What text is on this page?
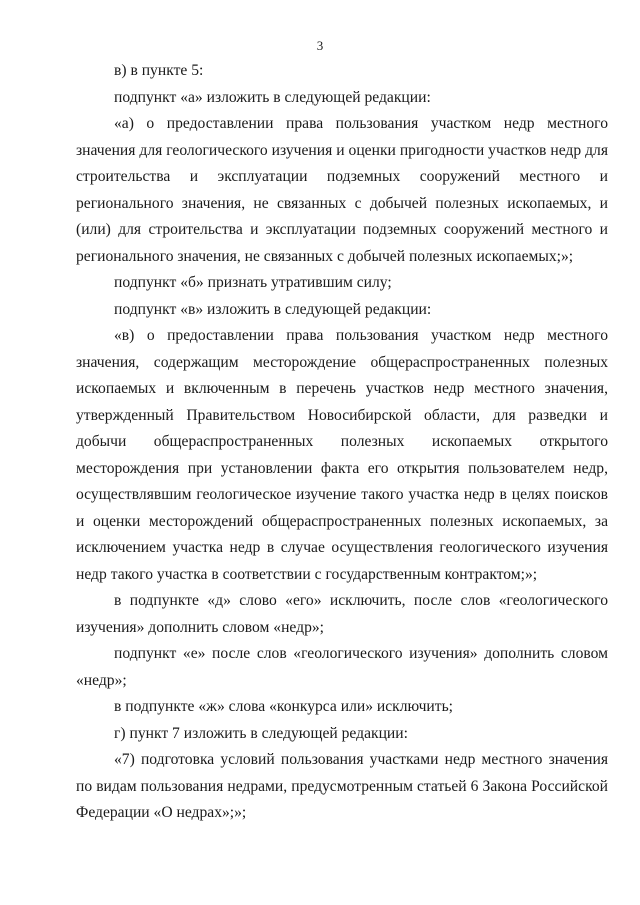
3

в) в пункте 5:

подпункт «а» изложить в следующей редакции:

«а) о предоставлении права пользования участком недр местного значения для геологического изучения и оценки пригодности участков недр для строительства и эксплуатации подземных сооружений местного и регионального значения, не связанных с добычей полезных ископаемых, и (или) для строительства и эксплуатации подземных сооружений местного и регионального значения, не связанных с добычей полезных ископаемых;»;

подпункт «б» признать утратившим силу;

подпункт «в» изложить в следующей редакции:

«в) о предоставлении права пользования участком недр местного значения, содержащим месторождение общераспространенных полезных ископаемых и включенным в перечень участков недр местного значения, утвержденный Правительством Новосибирской области, для разведки и добычи общераспространенных полезных ископаемых открытого месторождения при установлении факта его открытия пользователем недр, осуществлявшим геологическое изучение такого участка недр в целях поисков и оценки месторождений общераспространенных полезных ископаемых, за исключением участка недр в случае осуществления геологического изучения недр такого участка в соответствии с государственным контрактом;»;

в подпункте «д» слово «его» исключить, после слов «геологического изучения» дополнить словом «недр»;

подпункт «е» после слов «геологического изучения» дополнить словом «недр»;

в подпункте «ж» слова «конкурса или» исключить;

г) пункт 7 изложить в следующей редакции:

«7) подготовка условий пользования участками недр местного значения по видам пользования недрами, предусмотренным статьей 6 Закона Российской Федерации «О недрах»;»;
